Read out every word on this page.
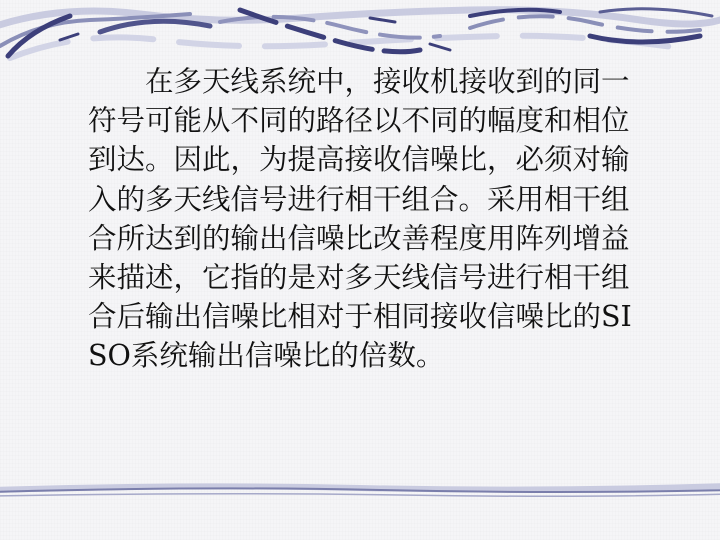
在多天线系统中，接收机接收到的同一符号可能从不同的路径以不同的幅度和相位到达。因此，为提高接收信噪比，必须对输入的多天线信号进行相干组合。采用相干组合所达到的输出信噪比改善程度用阵列增益来描述，它指的是对多天线信号进行相干组合后输出信噪比相对于相同接收信噪比的SISO系统输出信噪比的倍数。
